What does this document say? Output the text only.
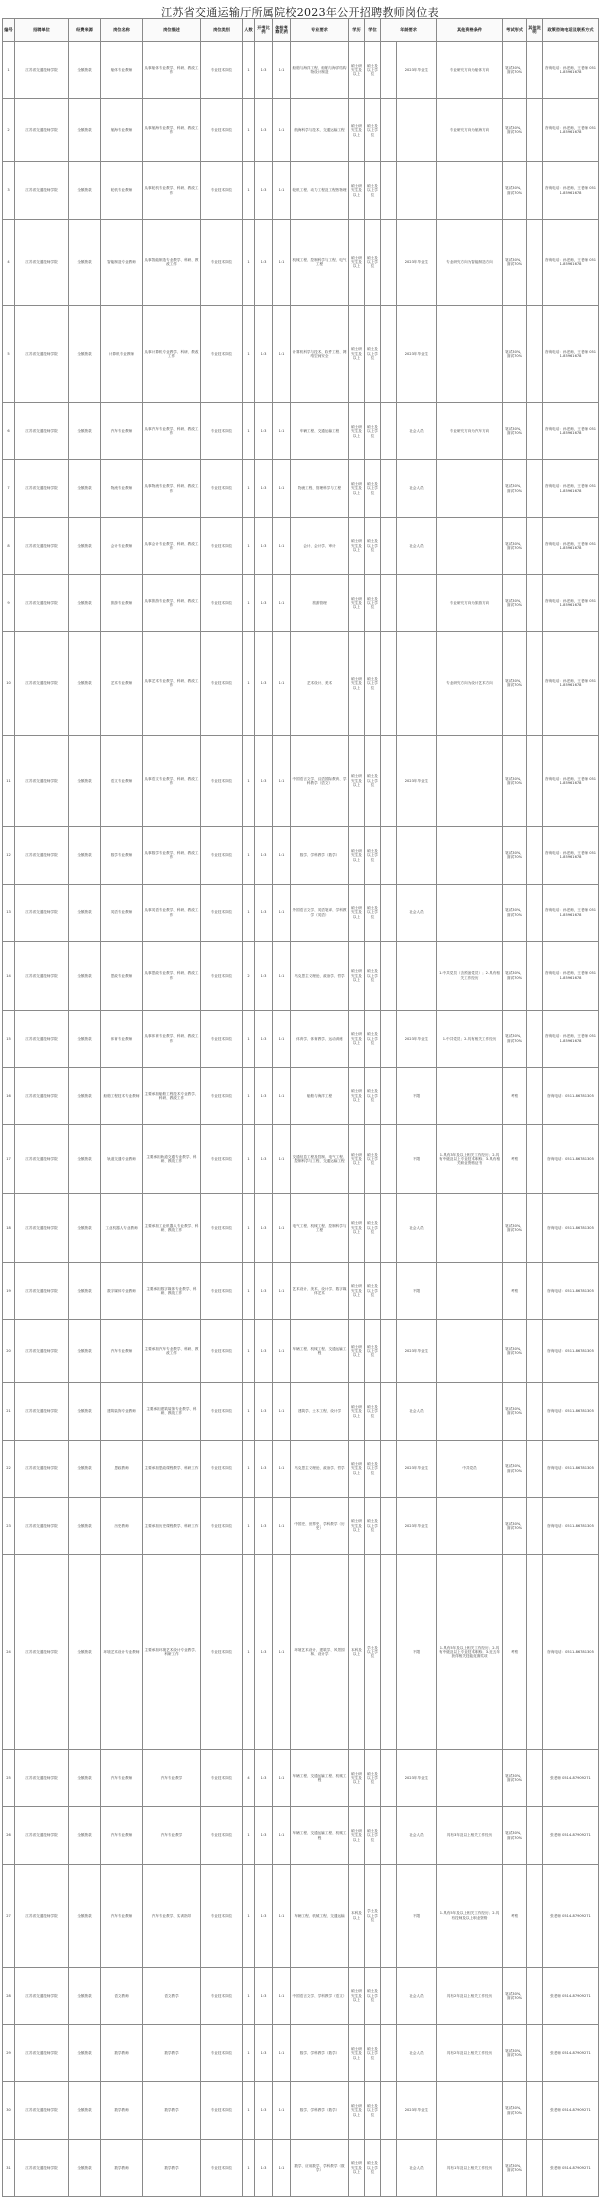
江苏省交通运输厅所属院校2023年公开招聘教师岗位表
编号	招聘单位	经费来源	岗位名称	岗位描述	岗位类别	人数	开考比例	体检考察比例	专业要求	学历	学位	年龄要求		其他资格条件	考试形式	其他说明	政策咨询电话及联系方式
1	江苏省交通技师学院	全额拨款	船体专业教师	从事船体专业教学、科研、教改工作	专业技术岗位	1	1:3	1:1	船舶与海洋工程、船舶与海洋结构物设计制造	硕士研究生及以上	硕士及以上学位		2023年毕业生	专业研究方向为船体方向	笔试30%，面试70%		咨询电话：孙老师，王老师 0511-85961678
2	江苏省交通技师学院	全额拨款	航海专业教师	从事航海专业教学、科研、教改工作	专业技术岗位	1	1:3	1:1	航海科学与技术、交通运输工程	硕士研究生及以上	硕士及以上学位			专业研究方向为航海方向	笔试30%，面试70%		咨询电话：孙老师，王老师 0511-85961678
3	江苏省交通技师学院	全额拨款	轮机专业教师	从事轮机专业教学、科研、教改工作	专业技术岗位	1	1:3	1:1	轮机工程、动力工程及工程热物理	硕士研究生及以上	硕士及以上学位				笔试30%，面试70%		咨询电话：孙老师，王老师 0511-85961678
4	江苏省交通技师学院	全额拨款	智能制造专业教师	从事智能制造专业教学、科研、教改工作	专业技术岗位	1	1:3	1:1	机械工程、控制科学与工程、电气工程	硕士研究生及以上	硕士及以上学位		2023年毕业生	专业研究方向为智能制造方向	笔试30%，面试70%		咨询电话：孙老师，王老师 0511-85961678
5	江苏省交通技师学院	全额拨款	计算机专业教师	从事计算机专业教学、科研、教改工作	专业技术岗位	1	1:3	1:1	计算机科学与技术、软件工程、网络空间安全	硕士研究生及以上	硕士及以上学位		2023年毕业生		笔试30%，面试70%		咨询电话：孙老师，王老师 0511-85961678
6	江苏省交通技师学院	全额拨款	汽车专业教师	从事汽车专业教学、科研、教改工作	专业技术岗位	1	1:3	1:1	车辆工程、交通运输工程	硕士研究生及以上	硕士及以上学位		社会人员	专业研究方向为汽车方向	笔试30%，面试70%		咨询电话：孙老师，王老师 0511-85961678
7	江苏省交通技师学院	全额拨款	物流专业教师	从事物流专业教学、科研、教改工作	专业技术岗位	1	1:3	1:1	物流工程、管理科学与工程	硕士研究生及以上	硕士及以上学位		社会人员		笔试30%，面试70%		咨询电话：孙老师，王老师 0511-85961678
8	江苏省交通技师学院	全额拨款	会计专业教师	从事会计专业教学、科研、教改工作	专业技术岗位	1	1:3	1:1	会计、会计学、审计	硕士研究生及以上	硕士及以上学位		社会人员		笔试30%，面试70%		咨询电话：孙老师，王老师 0511-85961678
9	江苏省交通技师学院	全额拨款	旅游专业教师	从事旅游专业教学、科研、教改工作	专业技术岗位	1	1:3	1:1	旅游管理	硕士研究生及以上	硕士及以上学位			专业研究方向为旅游方向	笔试30%，面试70%		咨询电话：孙老师，王老师 0511-85961678
10	江苏省交通技师学院	全额拨款	艺术专业教师	从事艺术专业教学、科研、教改工作	专业技术岗位	1	1:3	1:1	艺术设计、美术	硕士研究生及以上	硕士及以上学位			专业研究方向为设计艺术方向	笔试30%，面试70%		咨询电话：孙老师，王老师 0511-85961678
11	江苏省交通技师学院	全额拨款	语文专业教师	从事语文专业教学、科研、教改工作	专业技术岗位	1	1:3	1:1	中国语言文学、汉语国际教育、学科教学（语文）	硕士研究生及以上	硕士及以上学位		2023年毕业生		笔试30%，面试70%		咨询电话：孙老师，王老师 0511-85961678
12	江苏省交通技师学院	全额拨款	数学专业教师	从事数学专业教学、科研、教改工作	专业技术岗位	1	1:3	1:1	数学、学科教学（数学）	硕士研究生及以上	硕士及以上学位				笔试30%，面试70%		咨询电话：孙老师，王老师 0511-85961678
13	江苏省交通技师学院	全额拨款	英语专业教师	从事英语专业教学、科研、教改工作	专业技术岗位	1	1:3	1:1	外国语言文学、英语笔译、学科教学（英语）	硕士研究生及以上	硕士及以上学位		社会人员		笔试30%，面试70%		咨询电话：孙老师，王老师 0511-85961678
14	江苏省交通技师学院	全额拨款	思政专业教师	从事思政专业教学、科研、教改工作	专业技术岗位	2	1:3	1:1	马克思主义理论、政治学、哲学	硕士研究生及以上	硕士及以上学位			1.中共党员（含预备党员）；2.具有相关工作经历	笔试30%，面试70%		咨询电话：孙老师，王老师 0511-85961678
15	江苏省交通技师学院	全额拨款	体育专业教师	从事体育专业教学、科研、教改工作	专业技术岗位	1	1:3	1:1	体育学、体育教学、运动训练	硕士研究生及以上	硕士及以上学位		2023年毕业生	1.中共党员；2.具有相关工作经历	笔试30%，面试70%		咨询电话：孙老师，王老师 0511-85961678
16	江苏省交通技师学院	全额拨款	船舶工程技术专业教师	主要承担船舶工程技术专业教学、科研、教改工作	专业技术岗位	1	1:3	1:1	船舶与海洋工程	硕士研究生及以上	硕士及以上学位		不限		考察		咨询电话：0511-86781305
17	江苏省交通技师学院	全额拨款	轨道交通专业教师	主要承担轨道交通专业教学、科研、教改工作	专业技术岗位	1	1:3	1:1	交通信息工程及控制、电气工程、控制科学与工程、交通运输工程	硕士研究生及以上	硕士及以上学位		不限	1.具有3年及以上相关工作经历；2.具有中级及以上专业技术职称；3.具有相关职业资格证书	考察		咨询电话：0511-86781305
18	江苏省交通技师学院	全额拨款	工业机器人专业教师	主要承担工业机器人专业教学、科研、教改工作	专业技术岗位	1	1:3	1:1	电气工程、机械工程、控制科学与工程	硕士研究生及以上	硕士及以上学位		社会人员		笔试30%，面试70%		咨询电话：0511-86781305
19	江苏省交通技师学院	全额拨款	数字媒体专业教师	主要承担数字媒体专业教学、科研、教改工作	专业技术岗位	1	1:3	1:1	艺术设计、美术、设计学、数字媒体艺术	硕士研究生及以上	硕士及以上学位		不限		考察		咨询电话：0511-86781305
20	江苏省交通技师学院	全额拨款	汽车专业教师	主要承担汽车专业教学、科研、教改工作	专业技术岗位	1	1:3	1:1	车辆工程、机械工程、交通运输工程	硕士研究生及以上	硕士及以上学位		2023年毕业生		笔试30%，面试70%		咨询电话：0511-86781305
21	江苏省交通技师学院	全额拨款	建筑装饰专业教师	主要承担建筑装饰专业教学、科研、教改工作	专业技术岗位	1	1:3	1:1	建筑学、土木工程、设计学	硕士研究生及以上	硕士及以上学位		社会人员		笔试30%，面试70%		咨询电话：0511-86781305
22	江苏省交通技师学院	全额拨款	思政教师	主要承担思政课程教学、科研工作	专业技术岗位	1	1:3	1:1	马克思主义理论、政治学、哲学	硕士研究生及以上	硕士及以上学位		2023年毕业生	中共党员	笔试30%，面试70%		咨询电话：0511-86781305
23	江苏省交通技师学院	全额拨款	历史教师	主要承担历史课程教学、科研工作	专业技术岗位	1	1:3	1:1	中国史、世界史、学科教学（历史）	硕士研究生及以上	硕士及以上学位		2023年毕业生		笔试30%，面试70%		咨询电话：0511-86781305
24	江苏省交通技师学院	全额拨款	环境艺术设计专业教师	主要承担环境艺术设计专业教学、科研工作	专业技术岗位	1	1:3	1:1	环境艺术设计、建筑学、风景园林、设计学	本科及以上	学士及以上学位		不限	1.具有5年及以上相关工作经历；2.具有中级及以上专业技术职称；3.近五年获得相关技能竞赛奖项	考察		咨询电话：0511-86781305
25	江苏省交通技师学院	全额拨款	汽车专业教师	汽车专业教学	专业技术岗位	4	1:3	1:1	车辆工程、交通运输工程、机械工程	硕士研究生及以上	硕士及以上学位		2023年毕业生		笔试30%，面试70%		张老师 0514-87909271
26	江苏省交通技师学院	全额拨款	汽车专业教师	汽车专业教学	专业技术岗位	1	1:3	1:1	车辆工程、交通运输工程、机械工程	硕士研究生及以上	硕士及以上学位		社会人员	具有3年及以上相关工作经历	笔试30%，面试70%		张老师 0514-87909271
27	江苏省交通技师学院	全额拨款	汽车专业教师	汽车专业教学、实训指导	专业技术岗位	1	1:3	1:1	车辆工程、机械工程、交通运输	本科及以上	学士及以上学位		不限	1.具有5年及以上相关工作经历；2.具有技师及以上职业资格	考察		张老师 0514-87909271
28	江苏省交通技师学院	全额拨款	语文教师	语文教学	专业技术岗位	1	1:3	1:1	中国语言文学、学科教学（语文）	硕士研究生及以上	硕士及以上学位		社会人员	具有2年及以上相关工作经历	笔试30%，面试70%		张老师 0514-87909271
29	江苏省交通技师学院	全额拨款	数学教师	数学教学	专业技术岗位	1	1:3	1:1	数学、学科教学（数学）	硕士研究生及以上	硕士及以上学位		社会人员	具有2年及以上相关工作经历	笔试30%，面试70%		张老师 0514-87909271
30	江苏省交通技师学院	全额拨款	数学教师	数学教学	专业技术岗位	1	1:3	1:1	数学、学科教学（数学）	硕士研究生及以上	硕士及以上学位		2023年毕业生		笔试30%，面试70%		张老师 0514-87909271
31	江苏省交通技师学院	全额拨款	数学教师	数学教学	专业技术岗位	1	1:3	1:1	数学、应用数学、学科教学（数学）	硕士研究生及以上	硕士及以上学位		社会人员	具有1年及以上相关工作经历	笔试30%，面试70%		张老师 0514-87909271
